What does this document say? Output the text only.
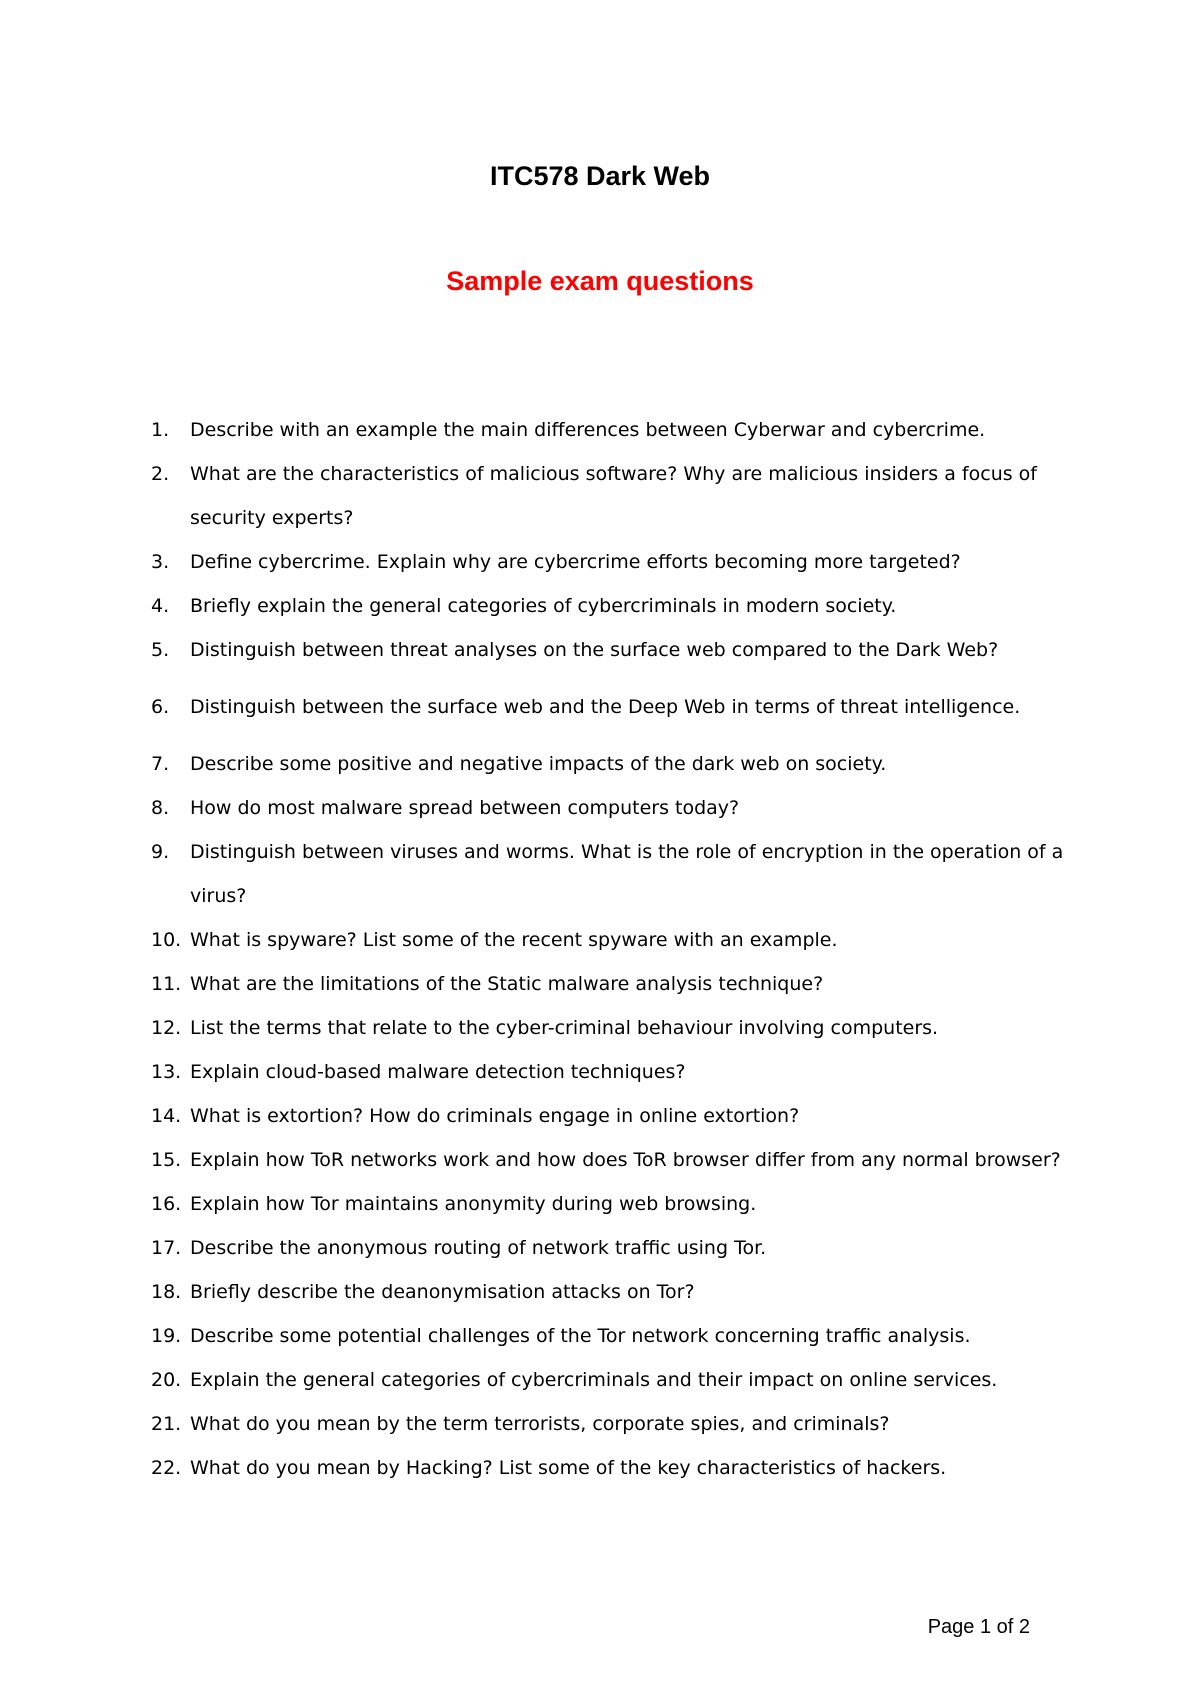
ITC578 Dark Web
Sample exam questions
1. Describe with an example the main differences between Cyberwar and cybercrime.
2. What are the characteristics of malicious software? Why are malicious insiders a focus of security experts?
3. Define cybercrime. Explain why are cybercrime efforts becoming more targeted?
4. Briefly explain the general categories of cybercriminals in modern society.
5. Distinguish between threat analyses on the surface web compared to the Dark Web?
6. Distinguish between the surface web and the Deep Web in terms of threat intelligence.
7. Describe some positive and negative impacts of the dark web on society.
8. How do most malware spread between computers today?
9. Distinguish between viruses and worms. What is the role of encryption in the operation of a virus?
10. What is spyware? List some of the recent spyware with an example.
11. What are the limitations of the Static malware analysis technique?
12. List the terms that relate to the cyber-criminal behaviour involving computers.
13. Explain cloud-based malware detection techniques?
14. What is extortion? How do criminals engage in online extortion?
15. Explain how ToR networks work and how does ToR browser differ from any normal browser?
16. Explain how Tor maintains anonymity during web browsing.
17. Describe the anonymous routing of network traffic using Tor.
18. Briefly describe the deanonymisation attacks on Tor?
19. Describe some potential challenges of the Tor network concerning traffic analysis.
20. Explain the general categories of cybercriminals and their impact on online services.
21. What do you mean by the term terrorists, corporate spies, and criminals?
22. What do you mean by Hacking? List some of the key characteristics of hackers.
Page 1 of 2
